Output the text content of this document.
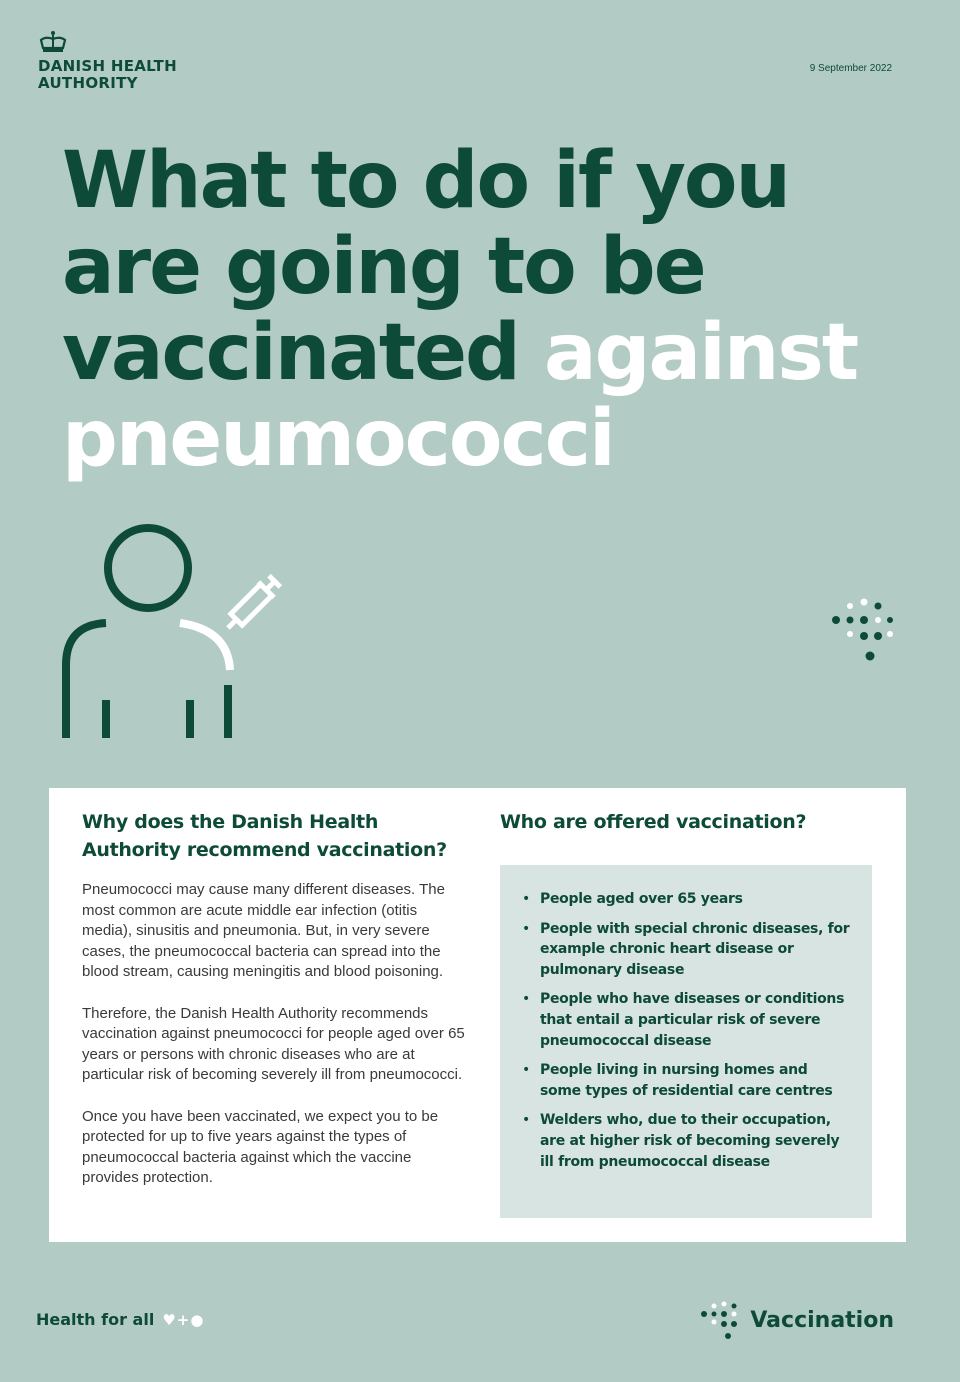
DANISH HEALTH
AUTHORITY
9 September 2022
What to do if you are going to be vaccinated against pneumococci
Why does the Danish Health Authority recommend vaccination?

Pneumococci may cause many different diseases. The most common are acute middle ear infection (otitis media), sinusitis and pneumonia. But, in very severe cases, the pneumococcal bacteria can spread into the blood stream, causing meningitis and blood poisoning.

Therefore, the Danish Health Authority recommends vaccination against pneumococci for people aged over 65 years or persons with chronic diseases who are at particular risk of becoming severely ill from pneumococci.

Once you have been vaccinated, we expect you to be protected for up to five years against the types of pneumococcal bacteria against which the vaccine provides protection.

Who are offered vaccination?
• People aged over 65 years
• People with special chronic diseases, for example chronic heart disease or pulmonary disease
• People who have diseases or conditions that entail a particular risk of severe pneumococcal disease
• People living in nursing homes and some types of residential care centres
• Welders who, due to their occupation, are at higher risk of becoming severely ill from pneumococcal disease
Health for all ♥+●	Vaccination
